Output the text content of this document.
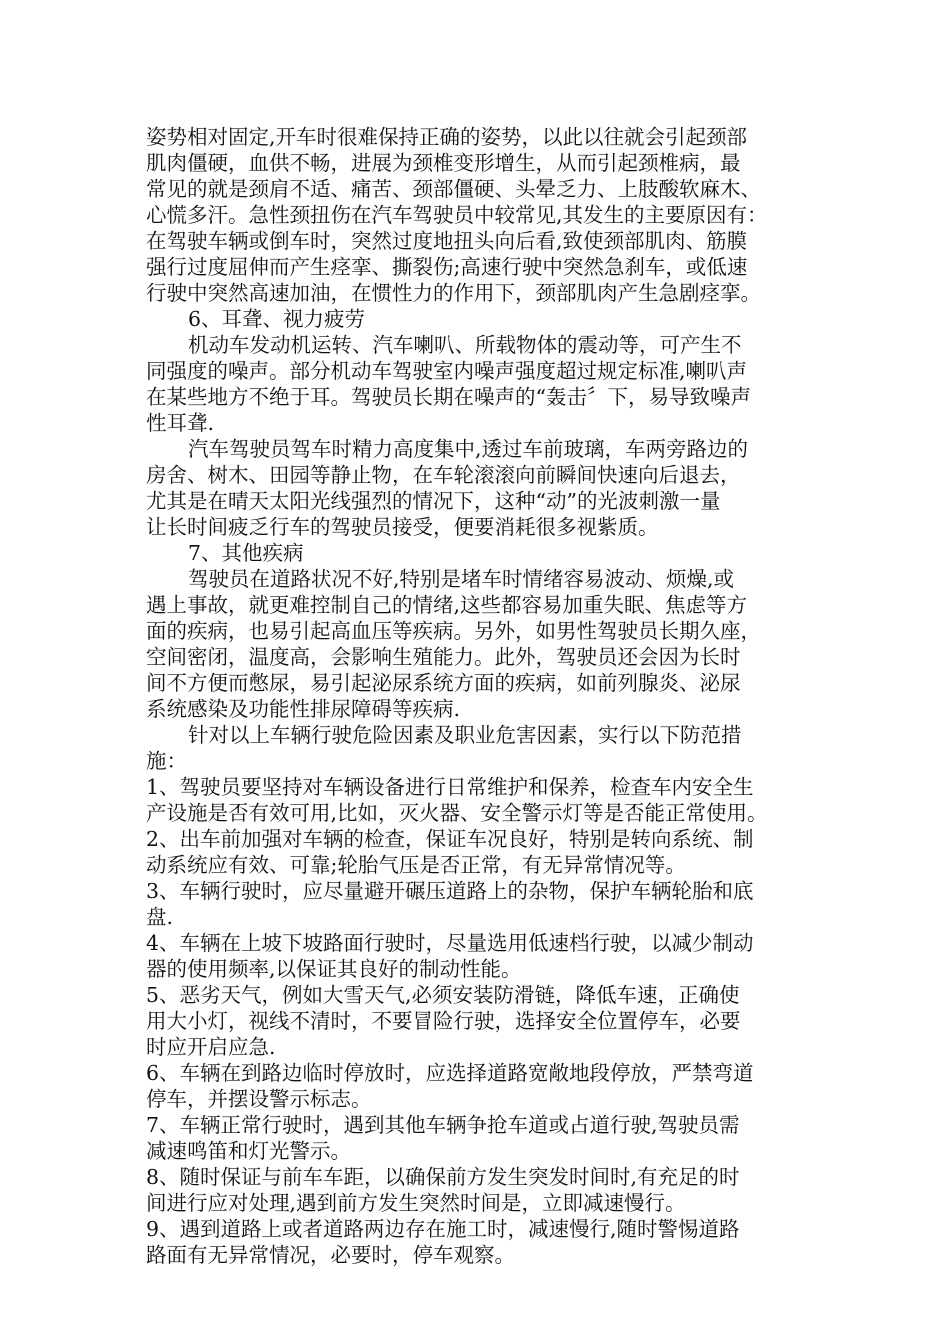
姿势相对固定,开车时很难保持正确的姿势，以此以往就会引起颈部
肌肉僵硬，血供不畅，进展为颈椎变形增生，从而引起颈椎病，最
常见的就是颈肩不适、痛苦、颈部僵硬、头晕乏力、上肢酸软麻木、
心慌多汗。急性颈扭伤在汽车驾驶员中较常见,其发生的主要原因有：
在驾驶车辆或倒车时，突然过度地扭头向后看,致使颈部肌肉、筋膜
强行过度屈伸而产生痉挛、撕裂伤;高速行驶中突然急刹车，或低速
行驶中突然高速加油，在惯性力的作用下，颈部肌肉产生急剧痉挛。
6、耳聋、视力疲劳
机动车发动机运转、汽车喇叭、所载物体的震动等，可产生不
同强度的噪声。部分机动车驾驶室内噪声强度超过规定标准,喇叭声
在某些地方不绝于耳。驾驶员长期在噪声的“轰击〞下，易导致噪声
性耳聋.
汽车驾驶员驾车时精力高度集中,透过车前玻璃，车两旁路边的
房舍、树木、田园等静止物，在车轮滚滚向前瞬间快速向后退去，
尤其是在晴天太阳光线强烈的情况下，这种“动”的光波刺激一量
让长时间疲乏行车的驾驶员接受，便要消耗很多视紫质。
7、其他疾病
驾驶员在道路状况不好,特别是堵车时情绪容易波动、烦燥,或
遇上事故，就更难控制自己的情绪,这些都容易加重失眠、焦虑等方
面的疾病，也易引起高血压等疾病。另外，如男性驾驶员长期久座，
空间密闭，温度高，会影响生殖能力。此外，驾驶员还会因为长时
间不方便而憋尿，易引起泌尿系统方面的疾病，如前列腺炎、泌尿
系统感染及功能性排尿障碍等疾病.
针对以上车辆行驶危险因素及职业危害因素，实行以下防范措
施：
1、驾驶员要坚持对车辆设备进行日常维护和保养，检查车内安全生
产设施是否有效可用,比如，灭火器、安全警示灯等是否能正常使用。
2、出车前加强对车辆的检查，保证车况良好，特别是转向系统、制
动系统应有效、可靠;轮胎气压是否正常，有无异常情况等。
3、车辆行驶时，应尽量避开碾压道路上的杂物，保护车辆轮胎和底
盘.
4、车辆在上坡下坡路面行驶时，尽量选用低速档行驶，以减少制动
器的使用频率,以保证其良好的制动性能。
5、恶劣天气，例如大雪天气,必须安装防滑链，降低车速，正确使
用大小灯，视线不清时，不要冒险行驶，选择安全位置停车，必要
时应开启应急.
6、车辆在到路边临时停放时，应选择道路宽敞地段停放，严禁弯道
停车，并摆设警示标志。
7、车辆正常行驶时，遇到其他车辆争抢车道或占道行驶,驾驶员需
减速鸣笛和灯光警示。
8、随时保证与前车车距，以确保前方发生突发时间时,有充足的时
间进行应对处理,遇到前方发生突然时间是，立即减速慢行。
9、遇到道路上或者道路两边存在施工时，减速慢行,随时警惕道路
路面有无异常情况，必要时，停车观察。
